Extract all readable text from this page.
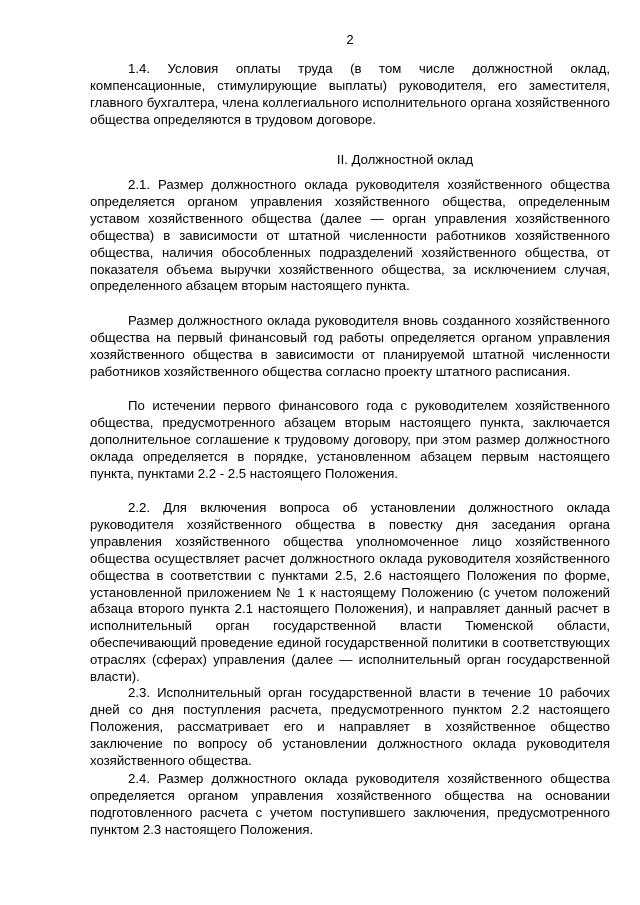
2

1.4. Условия оплаты труда (в том числе должностной оклад, компенсационные, стимулирующие выплаты) руководителя, его заместителя, главного бухгалтера, члена коллегиального исполнительного органа хозяйственного общества определяются в трудовом договоре.

II. Должностной оклад

2.1. Размер должностного оклада руководителя хозяйственного общества определяется органом управления хозяйственного общества, определенным уставом хозяйственного общества (далее — орган управления хозяйственного общества) в зависимости от штатной численности работников хозяйственного общества, наличия обособленных подразделений хозяйственного общества, от показателя объема выручки хозяйственного общества, за исключением случая, определенного абзацем вторым настоящего пункта.

Размер должностного оклада руководителя вновь созданного хозяйственного общества на первый финансовый год работы определяется органом управления хозяйственного общества в зависимости от планируемой штатной численности работников хозяйственного общества согласно проекту штатного расписания.

По истечении первого финансового года с руководителем хозяйственного общества, предусмотренного абзацем вторым настоящего пункта, заключается дополнительное соглашение к трудовому договору, при этом размер должностного оклада определяется в порядке, установленном абзацем первым настоящего пункта, пунктами 2.2 - 2.5 настоящего Положения.

2.2. Для включения вопроса об установлении должностного оклада руководителя хозяйственного общества в повестку дня заседания органа управления хозяйственного общества уполномоченное лицо хозяйственного общества осуществляет расчет должностного оклада руководителя хозяйственного общества в соответствии с пунктами 2.5, 2.6 настоящего Положения по форме, установленной приложением № 1 к настоящему Положению (с учетом положений абзаца второго пункта 2.1 настоящего Положения), и направляет данный расчет в исполнительный орган государственной власти Тюменской области, обеспечивающий проведение единой государственной политики в соответствующих отраслях (сферах) управления (далее — исполнительный орган государственной власти).

2.3. Исполнительный орган государственной власти в течение 10 рабочих дней со дня поступления расчета, предусмотренного пунктом 2.2 настоящего Положения, рассматривает его и направляет в хозяйственное общество заключение по вопросу об установлении должностного оклада руководителя хозяйственного общества.

2.4. Размер должностного оклада руководителя хозяйственного общества определяется органом управления хозяйственного общества на основании подготовленного расчета с учетом поступившего заключения, предусмотренного пунктом 2.3 настоящего Положения.
